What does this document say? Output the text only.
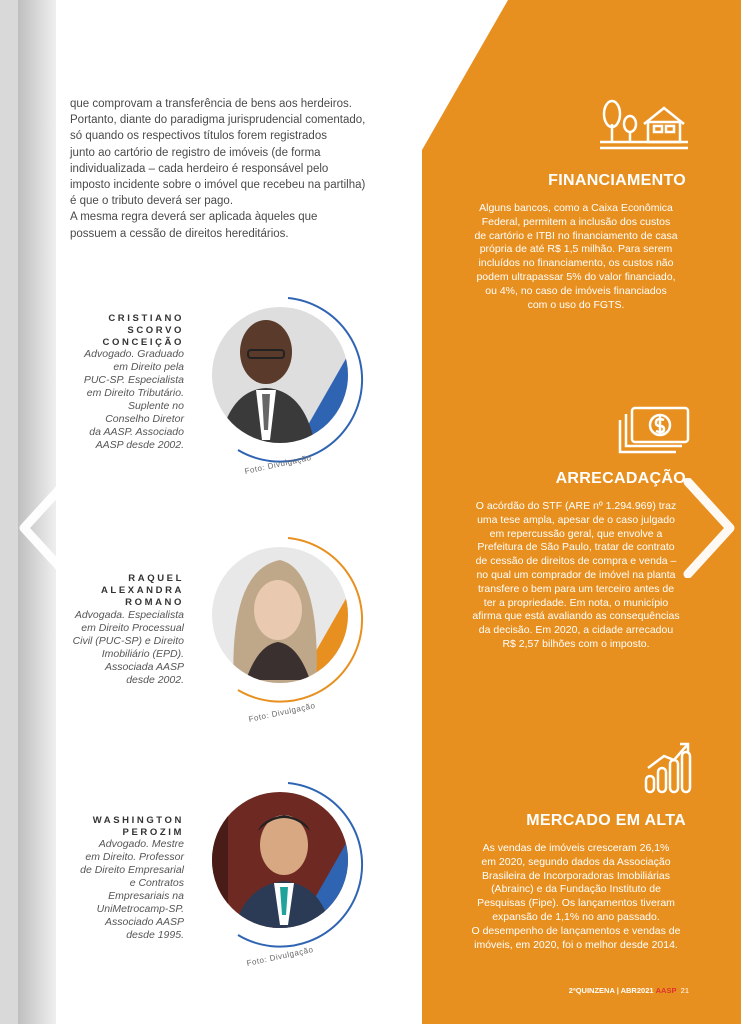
que comprovam a transferência de bens aos herdeiros.
Portanto, diante do paradigma jurisprudencial comentado,
só quando os respectivos títulos forem registrados
junto ao cartório de registro de imóveis (de forma
individualizada – cada herdeiro é responsável pelo
imposto incidente sobre o imóvel que recebeu na partilha)
é que o tributo deverá ser pago.
A mesma regra deverá ser aplicada àqueles que
possuem a cessão de direitos hereditários.
CRISTIANO
SCORVO
CONCEIÇÃO
Advogado. Graduado
em Direito pela
PUC-SP. Especialista
em Direito Tributário.
Suplente no
Conselho Diretor
da AASP. Associado
AASP desde 2002.
Foto: Divulgação
RAQUEL
ALEXANDRA
ROMANO
Advogada. Especialista
em Direito Processual
Civil (PUC-SP) e Direito
Imobiliário (EPD).
Associada AASP
desde 2002.
Foto: Divulgação
WASHINGTON
PEROZIM
Advogado. Mestre
em Direito. Professor
de Direito Empresarial
e Contratos
Empresariais na
UniMetrocamp-SP.
Associado AASP
desde 1995.
Foto: Divulgação
FINANCIAMENTO
Alguns bancos, como a Caixa Econômica
Federal, permitem a inclusão dos custos
de cartório e ITBI no financiamento de casa
própria de até R$ 1,5 milhão. Para serem
incluídos no financiamento, os custos não
podem ultrapassar 5% do valor financiado,
ou 4%, no caso de imóveis financiados
com o uso do FGTS.
ARRECADAÇÃO
O acórdão do STF (ARE nº 1.294.969) traz
uma tese ampla, apesar de o caso julgado
em repercussão geral, que envolve a
Prefeitura de São Paulo, tratar de contrato
de cessão de direitos de compra e venda –
no qual um comprador de imóvel na planta
transfere o bem para um terceiro antes de
ter a propriedade. Em nota, o município
afirma que está avaliando as consequências
da decisão. Em 2020, a cidade arrecadou
R$ 2,57 bilhões com o imposto.
MERCADO EM ALTA
As vendas de imóveis cresceram 26,1%
em 2020, segundo dados da Associação
Brasileira de Incorporadoras Imobiliárias
(Abrainc) e da Fundação Instituto de
Pesquisas (Fipe). Os lançamentos tiveram
expansão de 1,1% no ano passado.
O desempenho de lançamentos e vendas de
imóveis, em 2020, foi o melhor desde 2014.
2ªQUINZENA | ABR2021 AASP 21
